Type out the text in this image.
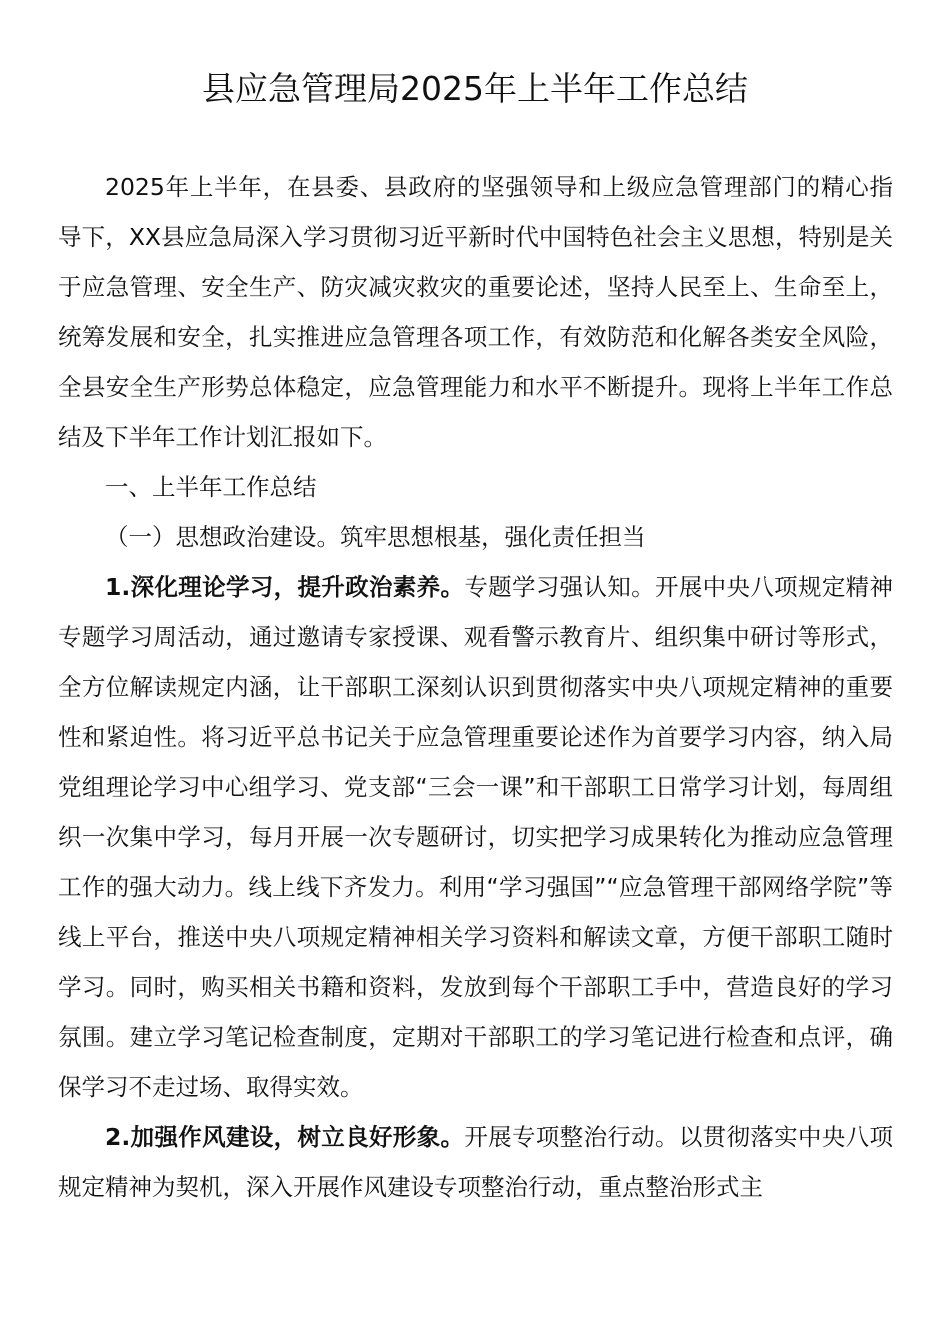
县应急管理局2025年上半年工作总结

2025年上半年，在县委、县政府的坚强领导和上级应急管理部门的精心指导下，XX县应急局深入学习贯彻习近平新时代中国特色社会主义思想，特别是关于应急管理、安全生产、防灾减灾救灾的重要论述，坚持人民至上、生命至上，统筹发展和安全，扎实推进应急管理各项工作，有效防范和化解各类安全风险，全县安全生产形势总体稳定，应急管理能力和水平不断提升。现将上半年工作总结及下半年工作计划汇报如下。

一、上半年工作总结

（一）思想政治建设。筑牢思想根基，强化责任担当

1.深化理论学习，提升政治素养。专题学习强认知。开展中央八项规定精神专题学习周活动，通过邀请专家授课、观看警示教育片、组织集中研讨等形式，全方位解读规定内涵，让干部职工深刻认识到贯彻落实中央八项规定精神的重要性和紧迫性。将习近平总书记关于应急管理重要论述作为首要学习内容，纳入局党组理论学习中心组学习、党支部“三会一课”和干部职工日常学习计划，每周组织一次集中学习，每月开展一次专题研讨，切实把学习成果转化为推动应急管理工作的强大动力。线上线下齐发力。利用“学习强国”“应急管理干部网络学院”等线上平台，推送中央八项规定精神相关学习资料和解读文章，方便干部职工随时学习。同时，购买相关书籍和资料，发放到每个干部职工手中，营造良好的学习氛围。建立学习笔记检查制度，定期对干部职工的学习笔记进行检查和点评，确保学习不走过场、取得实效。

2.加强作风建设，树立良好形象。开展专项整治行动。以贯彻落实中央八项规定精神为契机，深入开展作风建设专项整治行动，重点整治形式主
